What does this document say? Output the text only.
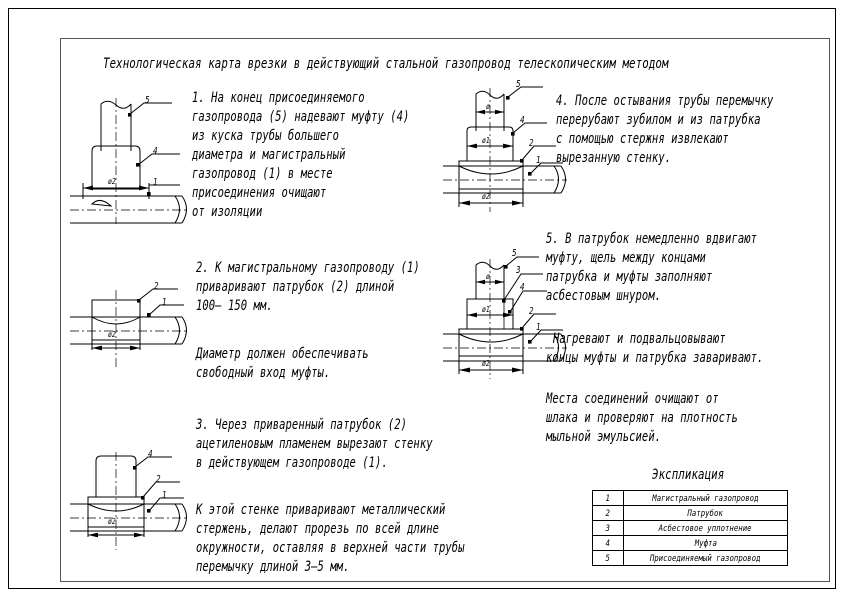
Технологическая карта врезки в действующий стальной газопровод телескопическим методом
5
4
1
ø2
2
1
ø2
4
2
1
ø2
5
4
2
1
ø
ø1
ø2
5
3
4
2
1
ø
ø1
ø2
1. На конец присоединяемого
газопровода (5) надевают муфту (4)
из куска трубы большего
диаметра и магистральный
газопровод (1) в месте
присоединения очищают
от изоляции
2. К магистральному газопроводу (1)
приваривают патрубок (2) длиной
100– 150 мм.
Диаметр должен обеспечивать
свободный вход муфты.
3. Через приваренный патрубок (2)
ацетиленовым пламенем вырезают стенку
в действующем газопроводе (1).
К этой стенке приваривают металлический
стержень, делают прорезь по всей длине
окружности, оставляя в верхней части трубы
перемычку длиной 3–5 мм.
4. После остывания трубы перемычку
перерубают зубилом и из патрубка
с помощью стержня извлекают
вырезанную стенку.
5. В патрубок немедленно вдвигают
муфту, щель между концами
патрубка и муфты заполняют
асбестовым шнуром.
Нагревают и подвальцовывают
концы муфты и патрубка заваривают.
Места соединений очищают от
шлака и проверяют на плотность
мыльной эмульсией.
Экспликация
1	Магистральный газопровод
2	Патрубок
3	Асбестовое уплотнение
4	Муфта
5	Присоединяемый газопровод
